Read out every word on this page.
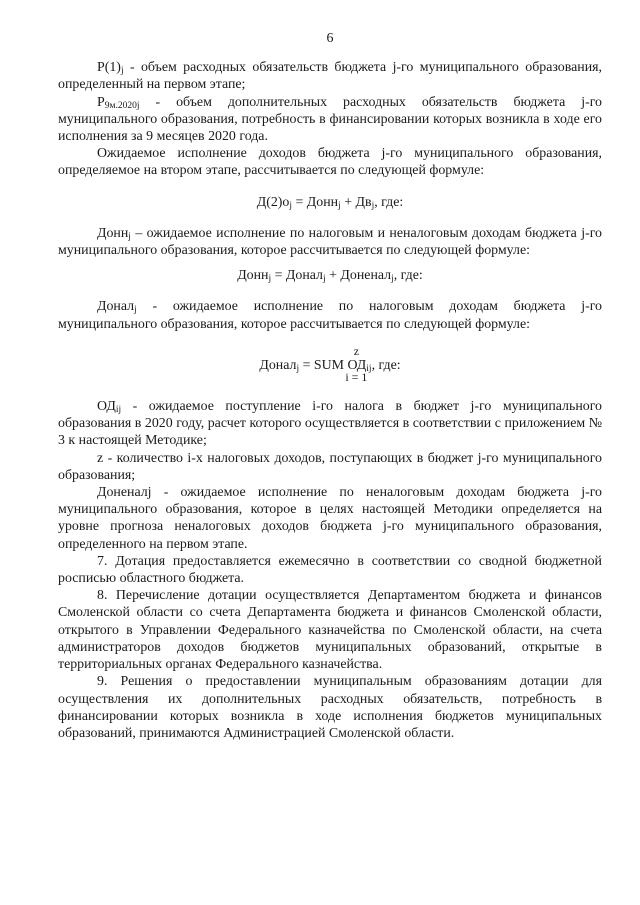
6

$P(1)_j$ - объем расходных обязательств бюджета j-го муниципального образования, определенный на первом этапе;

$P_{9м.2020j}$ - объем дополнительных расходных обязательств бюджета j-го муниципального образования, потребность в финансировании которых возникла в ходе его исполнения за 9 месяцев 2020 года.

Ожидаемое исполнение доходов бюджета j-го муниципального образования, определяемое на втором этапе, рассчитывается по следующей формуле:

$Д(2)о_j$ = Донн$_j$ + $Дв_j$, где:

Донн$_j$ – ожидаемое исполнение по налоговым и неналоговым доходам бюджета j-го муниципального образования, которое рассчитывается по следующей формуле:

Донн$_j$ = Донал$_j$ + Доненал$_j$, где:

Донал$_j$ - ожидаемое исполнение по налоговым доходам бюджета j-го муниципального образования, которое рассчитывается по следующей формуле:

z
Донал$_j$ = SUM $ОД_{ij}$, где:
i = 1

$ОД_{ij}$ - ожидаемое поступление i-го налога в бюджет j-го муниципального образования в 2020 году, расчет которого осуществляется в соответствии с приложением № 3 к настоящей Методике;

z - количество i-х налоговых доходов, поступающих в бюджет j-го муниципального образования;

Доненалj - ожидаемое исполнение по неналоговым доходам бюджета j-го муниципального образования, которое в целях настоящей Методики определяется на уровне прогноза неналоговых доходов бюджета j-го муниципального образования, определенного на первом этапе.

7. Дотация предоставляется ежемесячно в соответствии со сводной бюджетной росписью областного бюджета.

8. Перечисление дотации осуществляется Департаментом бюджета и финансов Смоленской области со счета Департамента бюджета и финансов Смоленской области, открытого в Управлении Федерального казначейства по Смоленской области, на счета администраторов доходов бюджетов муниципальных образований, открытые в территориальных органах Федерального казначейства.

9. Решения о предоставлении муниципальным образованиям дотации для осуществления их дополнительных расходных обязательств, потребность в финансировании которых возникла в ходе исполнения бюджетов муниципальных образований, принимаются Администрацией Смоленской области.
